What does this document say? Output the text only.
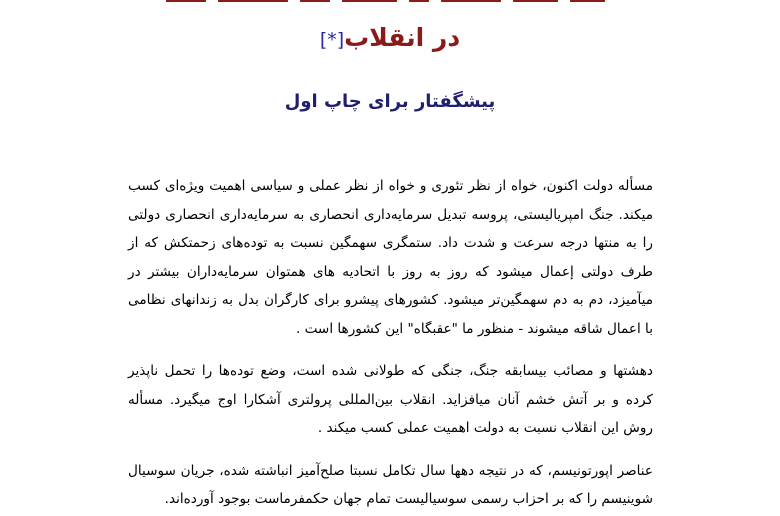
در انقلاب[*]
پیشگفتار برای چاپ اول

مسأله دولت اکنون، خواه از نظر تئوری و خواه از نظر عملی و سیاسی اهمیت ویژه‌ای کسب میکند. جنگ امپریالیستی، پروسه تبدیل سرمایه‌داری انحصاری به سرمایه‌داری انحصاری دولتی را به منتها درجه سرعت و شدت داد. ستمگری سهمگین نسبت به توده‌های زحمتکش که از طرف دولتی إعمال میشود که روز به روز با اتحادیه های همتوان سرمایه‌داران بیشتر در میآمیزد، دم به دم سهمگین‌تر میشود. کشورهای پیشرو برای کارگران بدل به زندانهای نظامی با اعمال شاقه میشوند - منظور ما "عقبگاه" این کشورها است .

دهشتها و مصائب بیسابقه جنگ، جنگی که طولانی شده است، وضع توده‌ها را تحمل ناپذیر کرده و بر آتش خشم آنان میافزاید. انقلاب بین‌المللی پرولتری آشکارا اوج میگیرد. مسأله روش این انقلاب نسبت به دولت اهمیت عملی کسب میکند .

عناصر اپورتونیسم، که در نتیجه دهها سال تکامل نسبتا صلح‌آمیز انباشته شده، جریان سوسیال شوینیسم را که بر احزاب رسمی سوسیالیست تمام جهان حکمفرماست بوجود آورده‌اند.
